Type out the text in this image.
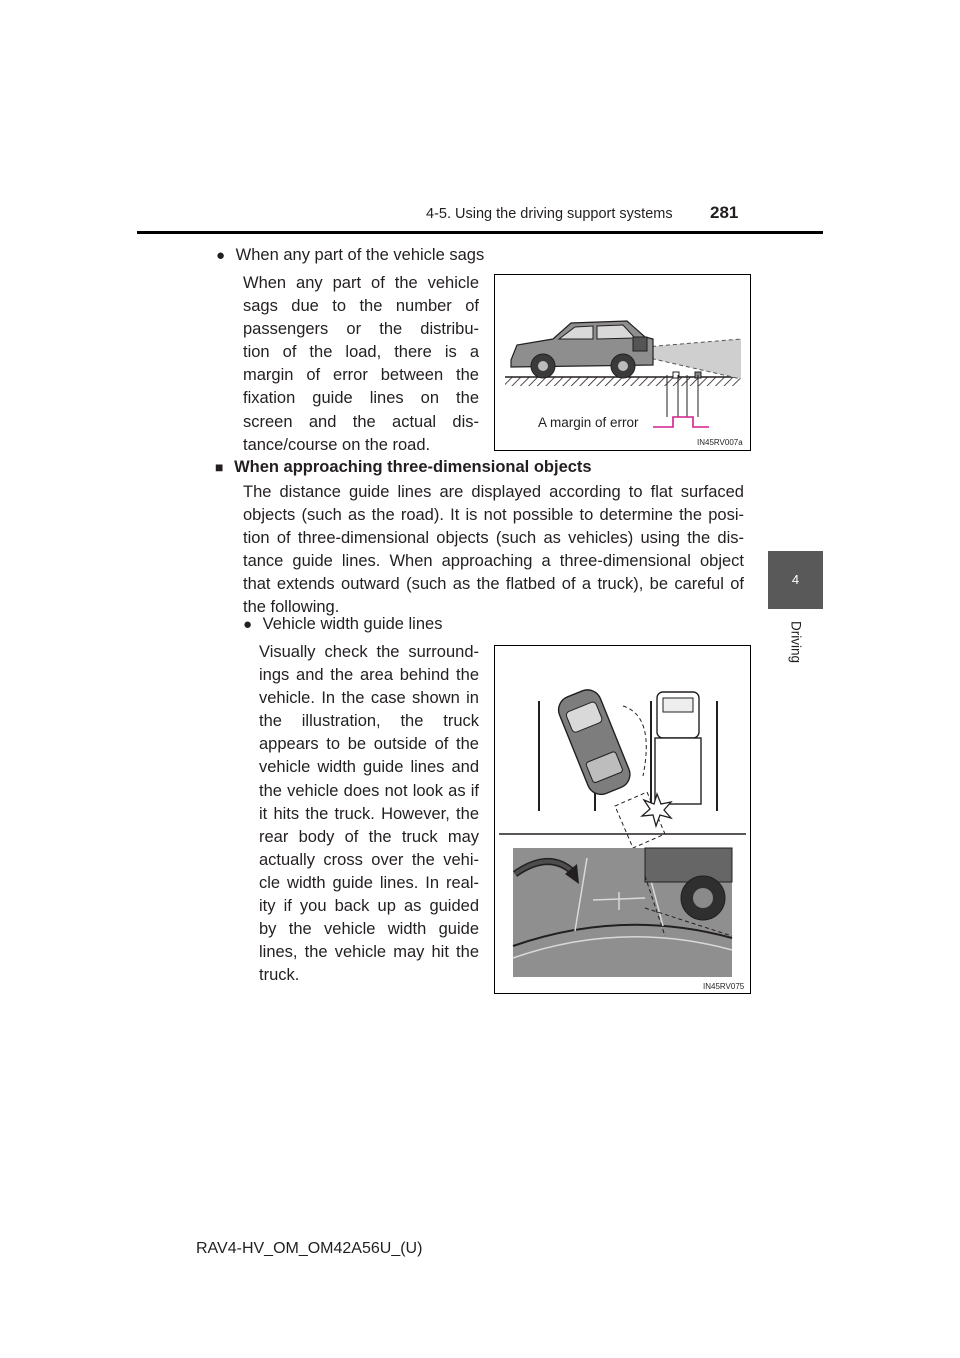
4-5. Using the driving support systems 281
4
Driving
● When any part of the vehicle sags
When any part of the vehicle
sags due to the number of
passengers or the distribu-
tion of the load, there is a
margin of error between the
fixation guide lines on the
screen and the actual dis-
tance/course on the road.
A margin of error
IN45RV007a
■ When approaching three-dimensional objects
The distance guide lines are displayed according to flat surfaced
objects (such as the road). It is not possible to determine the posi-
tion of three-dimensional objects (such as vehicles) using the dis-
tance guide lines. When approaching a three-dimensional object
that extends outward (such as the flatbed of a truck), be careful of
the following.
● Vehicle width guide lines
Visually check the surround-
ings and the area behind the
vehicle. In the case shown in
the illustration, the truck
appears to be outside of the
vehicle width guide lines and
the vehicle does not look as if
it hits the truck. However, the
rear body of the truck may
actually cross over the vehi-
cle width guide lines. In real-
ity if you back up as guided
by the vehicle width guide
lines, the vehicle may hit the
truck.
IN45RV075
RAV4-HV_OM_OM42A56U_(U)
